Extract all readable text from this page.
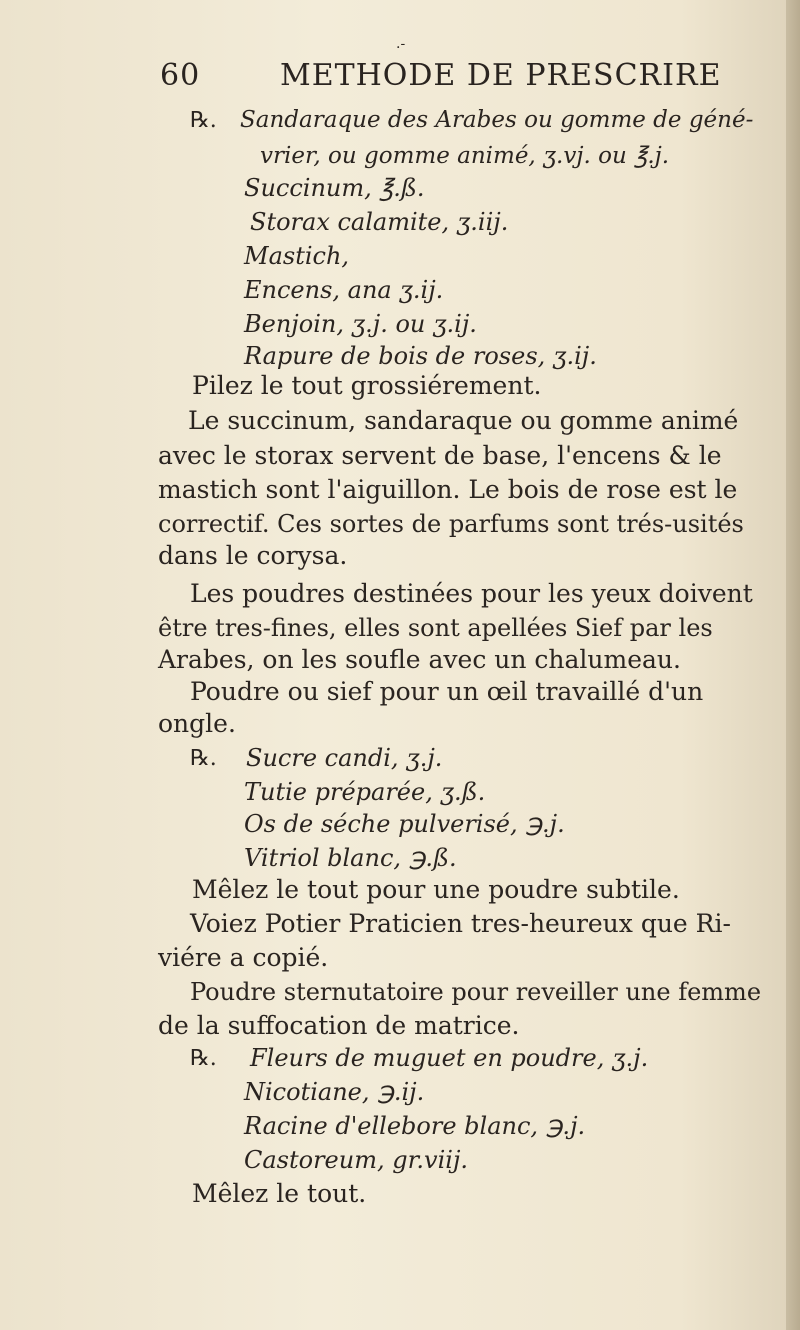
.-
60	METHODE DE PRESCRIRE
℞. Sandaraque des Arabes ou gomme de géné-
vrier, ou gomme animé, ʒ.vj. ou ℥.j.
Succinum, ℥.ß.
Storax calamite, ʒ.iij.
Mastich,
Encens, ana ʒ.ij.
Benjoin, ʒ.j. ou ʒ.ij.
Rapure de bois de roses, ʒ.ij.
Pilez le tout grossiérement.
Le succinum, sandaraque ou gomme animé
avec le storax servent de base, l'encens & le
mastich sont l'aiguillon. Le bois de rose est le
correctif. Ces sortes de parfums sont trés-usités
dans le corysa.
Les poudres destinées pour les yeux doivent
être tres-fines, elles sont apellées Sief par les
Arabes, on les soufle avec un chalumeau.
Poudre ou sief pour un œil travaillé d'un
ongle.
℞. Sucre candi, ʒ.j.
Tutie préparée, ʒ.ß.
Os de séche pulverisé, ℈.j.
Vitriol blanc, ℈.ß.
Mêlez le tout pour une poudre subtile.
Voiez Potier Praticien tres-heureux que Ri-
viére a copié.
Poudre sternutatoire pour reveiller une femme
de la suffocation de matrice.
℞. Fleurs de muguet en poudre, ʒ.j.
Nicotiane, ℈.ij.
Racine d'ellebore blanc, ℈.j.
Castoreum, gr.viij.
Mêlez le tout.
